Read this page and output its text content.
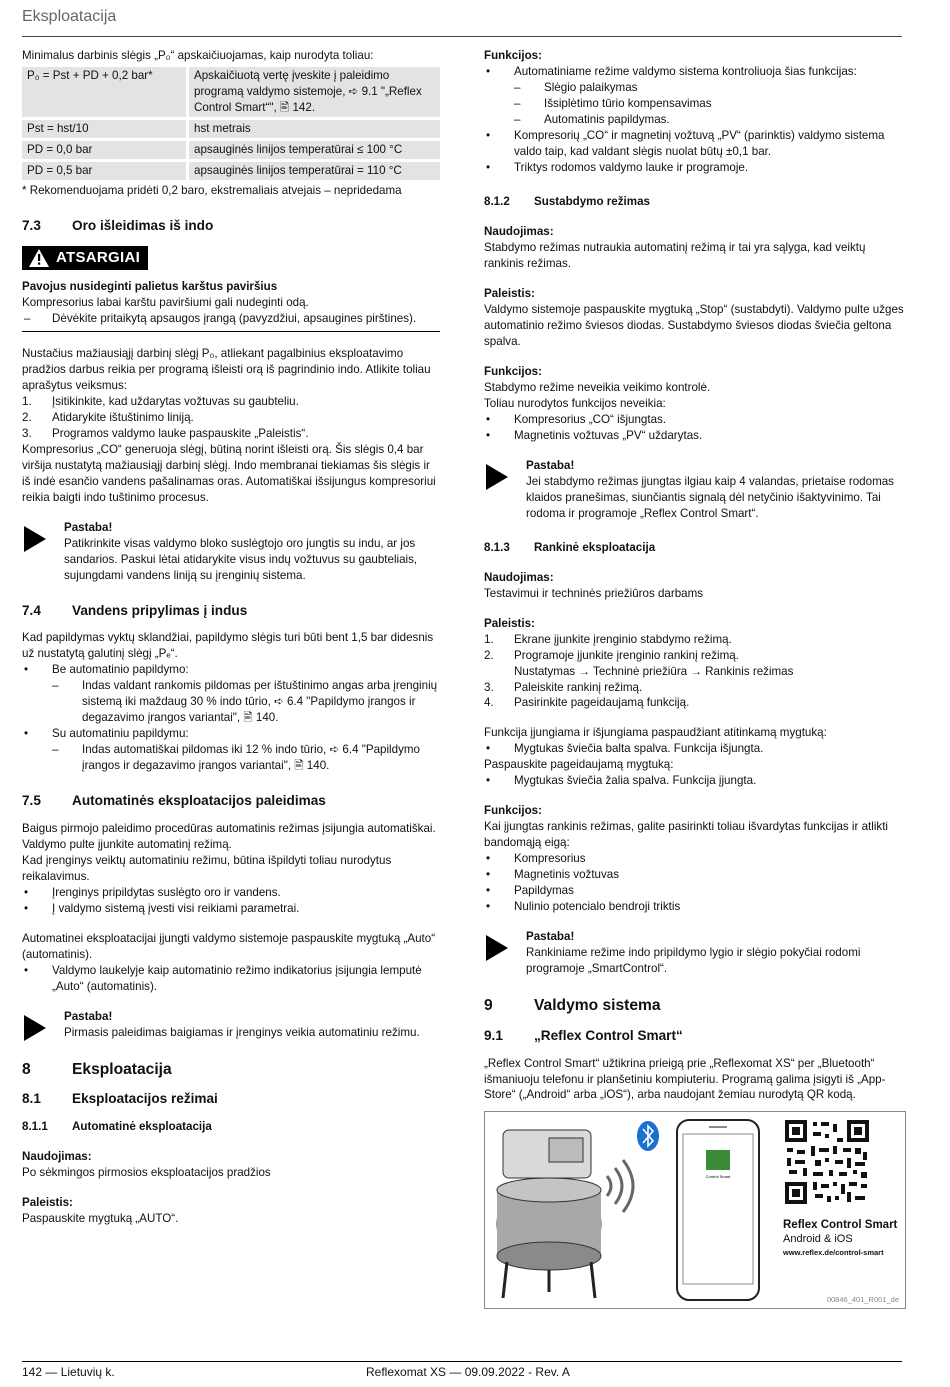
Eksploatacija

Minimalus darbinis slėgis „P₀“ apskaičiuojamas, kaip nurodyta toliau:

P₀ = Pst + PD + 0,2 bar*	Apskaičiuotą vertę įveskite į paleidimo programą valdymo sistemoje, ➪ 9.1 "„Reflex Control Smart“", 🖹 142.
Pst = hst/10	hst metrais
PD = 0,0 bar	apsauginės linijos temperatūrai ≤ 100 °C
PD = 0,5 bar	apsauginės linijos temperatūrai = 110 °C

* Rekomenduojama pridėti 0,2 baro, ekstremaliais atvejais – nepridedama

7.3 Oro išleidimas iš indo

ATSARGIAI

Pavojus nusideginti palietus karštus paviršius

Kompresorius labai karštu paviršiumi gali nudeginti odą.

– Dėvėkite pritaikytą apsaugos įrangą (pavyzdžiui, apsaugines pirštines).

Nustačius mažiausiąjį darbinį slėgį P₀, atliekant pagalbinius eksploatavimo pradžios darbus reikia per programą išleisti orą iš pagrindinio indo. Atlikite toliau aprašytus veiksmus:

1. Įsitikinkite, kad uždarytas vožtuvas su gaubteliu.
2. Atidarykite ištuštinimo liniją.
3. Programos valdymo lauke paspauskite „Paleistis“.

Kompresorius „CO“ generuoja slėgį, būtiną norint išleisti orą. Šis slėgis 0,4 bar viršija nustatytą mažiausiąjį darbinį slėgį. Indo membranai tiekiamas šis slėgis ir iš indė esančio vandens pašalinamas oras. Automatiškai išsijungus kompresoriui reikia baigti indo tuštinimo procesus.

Pastaba!

Patikrinkite visas valdymo bloko suslėgtojo oro jungtis su indu, ar jos sandarios. Paskui lėtai atidarykite visus indų vožtuvus su gaubteliais, sujungdami vandens liniją su įrenginių sistema.

7.4 Vandens pripylimas į indus

Kad papildymas vyktų sklandžiai, papildymo slėgis turi būti bent 1,5 bar didesnis už nustatytą galutinį slėgį „Pₑ“.

• Be automatinio papildymo:
– Indas valdant rankomis pildomas per ištuštinimo angas arba įrenginių sistemą iki maždaug 30 % indo tūrio, ➪ 6.4 "Papildymo įrangos ir degazavimo įrangos variantai", 🖹 140.
• Su automatiniu papildymu:
– Indas automatiškai pildomas iki 12 % indo tūrio, ➪ 6.4 "Papildymo įrangos ir degazavimo įrangos variantai", 🖹 140.

7.5 Automatinės eksploatacijos paleidimas

Baigus pirmojo paleidimo procedūras automatinis režimas įsijungia automatiškai. Valdymo pulte įjunkite automatinį režimą.

Kad įrenginys veiktų automatiniu režimu, būtina išpildyti toliau nurodytus reikalavimus.

• Įrenginys pripildytas suslėgto oro ir vandens.
• Į valdymo sistemą įvesti visi reikiami parametrai.

Automatinei eksploatacijai įjungti valdymo sistemoje paspauskite mygtuką „Auto“ (automatinis).

• Valdymo laukelyje kaip automatinio režimo indikatorius įsijungia lemputė „Auto“ (automatinis).

Pastaba!

Pirmasis paleidimas baigiamas ir įrenginys veikia automatiniu režimu.

8	Eksploatacija

8.1 Eksploatacijos režimai

8.1.1 Automatinė eksploatacija

Naudojimas:

Po sėkmingos pirmosios eksploatacijos pradžios

Paleistis:

Paspauskite mygtuką „AUTO“.

Funkcijos:

• Automatiniame režime valdymo sistema kontroliuoja šias funkcijas:
– Slėgio palaikymas
– Išsiplėtimo tūrio kompensavimas
– Automatinis papildymas.
• Kompresorių „CO“ ir magnetinį vožtuvą „PV“ (parinktis) valdymo sistema valdo taip, kad valdant slėgis nuolat būtų ±0,1 bar.
• Triktys rodomos valdymo lauke ir programoje.

8.1.2 Sustabdymo režimas

Naudojimas:

Stabdymo režimas nutraukia automatinį režimą ir tai yra sąlyga, kad veiktų rankinis režimas.

Paleistis:

Valdymo sistemoje paspauskite mygtuką „Stop“ (sustabdyti). Valdymo pulte užges automatinio režimo šviesos diodas. Sustabdymo šviesos diodas šviečia geltona spalva.

Funkcijos:

Stabdymo režime neveikia veikimo kontrolė.

Toliau nurodytos funkcijos neveikia:

• Kompresorius „CO“ išjungtas.
• Magnetinis vožtuvas „PV“ uždarytas.

Pastaba!

Jei stabdymo režimas įjungtas ilgiau kaip 4 valandas, prietaise rodomas klaidos pranešimas, siunčiantis signalą dėl netyčinio išaktyvinimo. Tai rodoma ir programoje „Reflex Control Smart“.

8.1.3 Rankinė eksploatacija

Naudojimas:

Testavimui ir techninės priežiūros darbams

Paleistis:

1. Ekrane įjunkite įrenginio stabdymo režimą.
2. Programoje įjunkite įrenginio rankinį režimą.
Nustatymas → Techninė priežiūra → Rankinis režimas
3. Paleiskite rankinį režimą.
4. Pasirinkite pageidaujamą funkciją.

Funkcija įjungiama ir išjungiama paspaudžiant atitinkamą mygtuką:

• Mygtukas šviečia balta spalva. Funkcija išjungta.

Paspauskite pageidaujamą mygtuką:

• Mygtukas šviečia žalia spalva. Funkcija įjungta.

Funkcijos:

Kai įjungtas rankinis režimas, galite pasirinkti toliau išvardytas funkcijas ir atlikti bandomąją eigą:

• Kompresorius
• Magnetinis vožtuvas
• Papildymas
• Nulinio potencialo bendroji triktis

Pastaba!

Rankiniame režime indo pripildymo lygio ir slėgio pokyčiai rodomi programoje „SmartControl“.

9	Valdymo sistema

9.1 „Reflex Control Smart“

„Reflex Control Smart“ užtikrina prieigą prie „Reflexomat XS“ per „Bluetooth“ išmaniuoju telefonu ir planšetiniu kompiuteriu. Programą galima įsigyti iš „App-Store“ („Android“ arba „iOS“), arba naudojant žemiau nurodytą QR kodą.

Control Smart
Reflex Control Smart
Android & iOS
www.reflex.de/control-smart
00846_401_R001_de
142 — Lietuvių k.	Reflexomat XS — 09.09.2022 - Rev. A
